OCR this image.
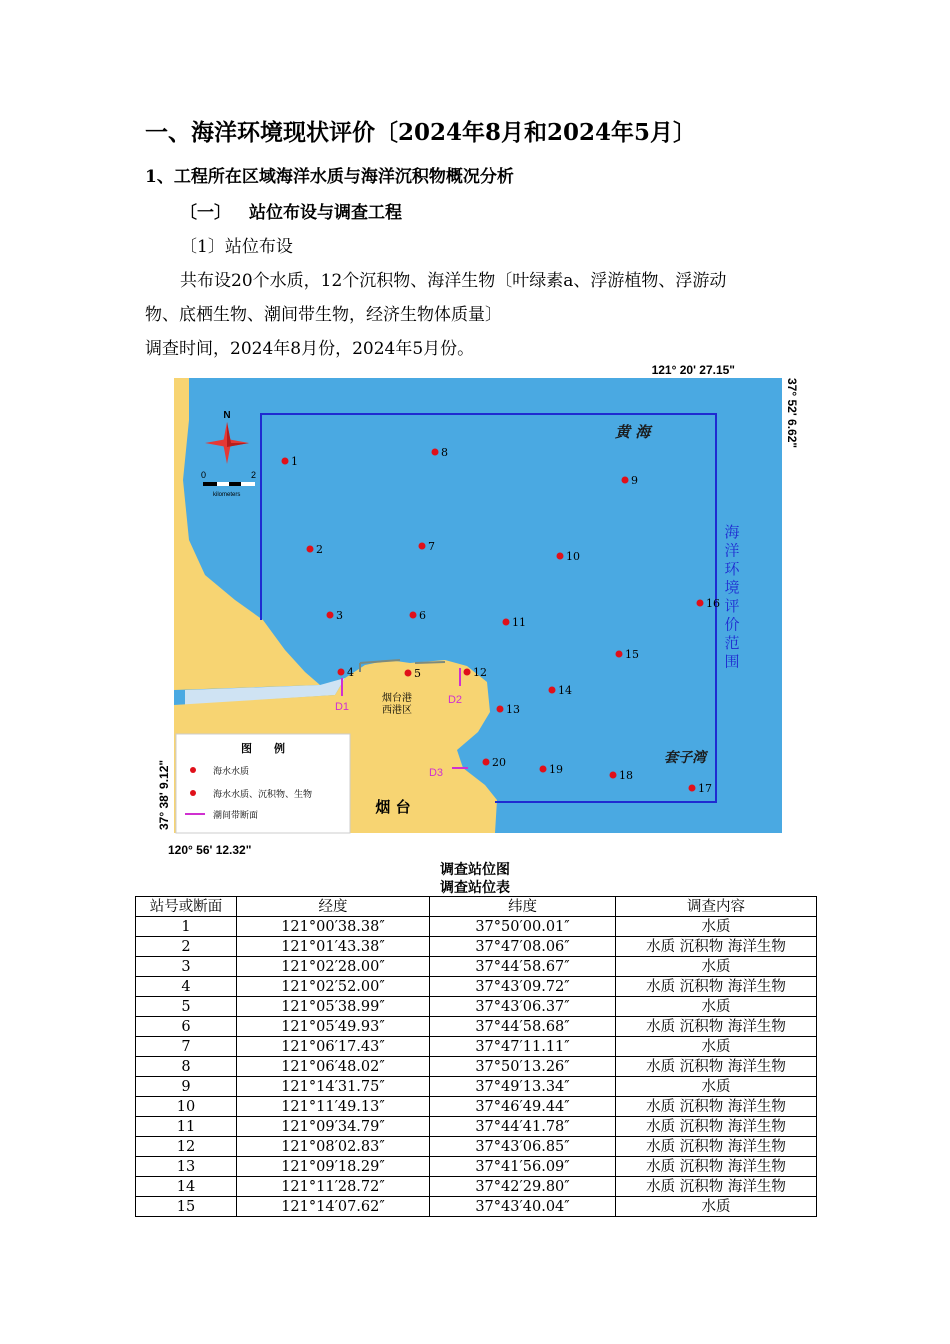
一、海洋环境现状评价〔2024年8月和2024年5月〕
1、工程所在区域海洋水质与海洋沉积物概况分析
〔一〕 站位布设与调查工程
〔1〕站位布设
共布设20个水质，12个沉积物、海洋生物〔叶绿素a、浮游植物、浮游动
物、底栖生物、潮间带生物，经济生物体质量〕
调查时间，2024年8月份，2024年5月份。
121° 20' 27.15"
37° 52' 6.62"
37° 38' 9.12"
120° 56' 12.32"
N
0	2
kilometers
海
洋
环
境
评
价
范
围
黄 海
套子湾
烟 台
烟台港
西港区
D1
D2
D3
1
2
3
4	5
6
7
8
9
10
11
12
13
14
15
16
17
18
19
20
图　　例
海水水质
海水水质、沉积物、生物
潮间带断面
调查站位图
调查站位表
站号或断面	经度	纬度	调查内容
1	121°00′38.38″	37°50′00.01″	水质
2	121°01′43.38″	37°47′08.06″	水质 沉积物 海洋生物
3	121°02′28.00″	37°44′58.67″	水质
4	121°02′52.00″	37°43′09.72″	水质 沉积物 海洋生物
5	121°05′38.99″	37°43′06.37″	水质
6	121°05′49.93″	37°44′58.68″	水质 沉积物 海洋生物
7	121°06′17.43″	37°47′11.11″	水质
8	121°06′48.02″	37°50′13.26″	水质 沉积物 海洋生物
9	121°14′31.75″	37°49′13.34″	水质
10	121°11′49.13″	37°46′49.44″	水质 沉积物 海洋生物
11	121°09′34.79″	37°44′41.78″	水质 沉积物 海洋生物
12	121°08′02.83″	37°43′06.85″	水质 沉积物 海洋生物
13	121°09′18.29″	37°41′56.09″	水质 沉积物 海洋生物
14	121°11′28.72″	37°42′29.80″	水质 沉积物 海洋生物
15	121°14′07.62″	37°43′40.04″	水质
